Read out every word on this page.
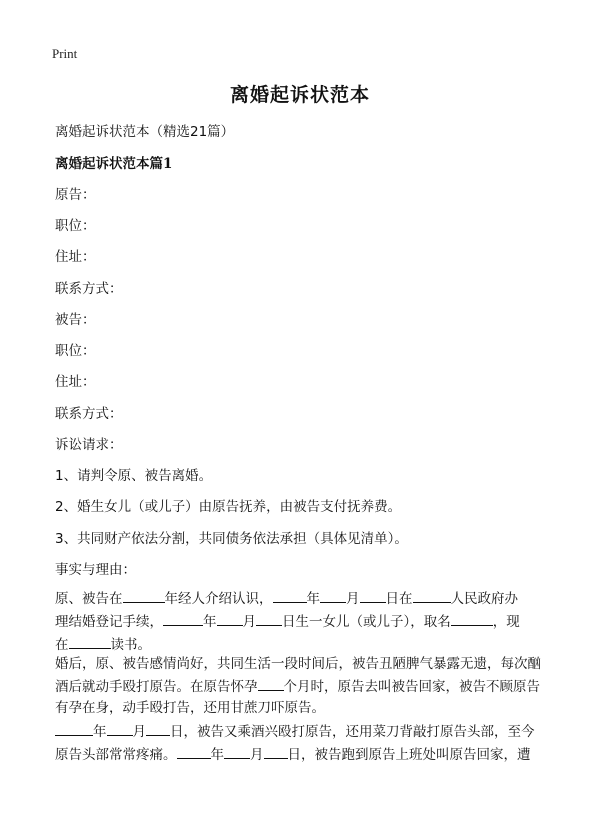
Print
离婚起诉状范本
离婚起诉状范本（精选21篇）
离婚起诉状范本篇1
原告：
职位：
住址：
联系方式：
被告：
职位：
住址：
联系方式：
诉讼请求：
1、请判令原、被告离婚。
2、婚生女儿（或儿子）由原告抚养，由被告支付抚养费。
3、共同财产依法分割，共同债务依法承担（具体见清单）。
事实与理由：
原、被告在	年经人介绍认识，	年 月 日在	人民政府办
理结婚登记手续，	年 月 日生一女儿（或儿子），取名	，现
在	读书。
婚后，原、被告感情尚好，共同生活一段时间后，被告丑陋脾气暴露无遗，每次酗
酒后就动手殴打原告。在原告怀孕 个月时，原告去叫被告回家，被告不顾原告
有孕在身，动手殴打告，还用甘蔗刀吓原告。
年 月 日，被告又乘酒兴殴打原告，还用菜刀背敲打原告头部，至今
原告头部常常疼痛。	年 月 日，被告跑到原告上班处叫原告回家，遭
